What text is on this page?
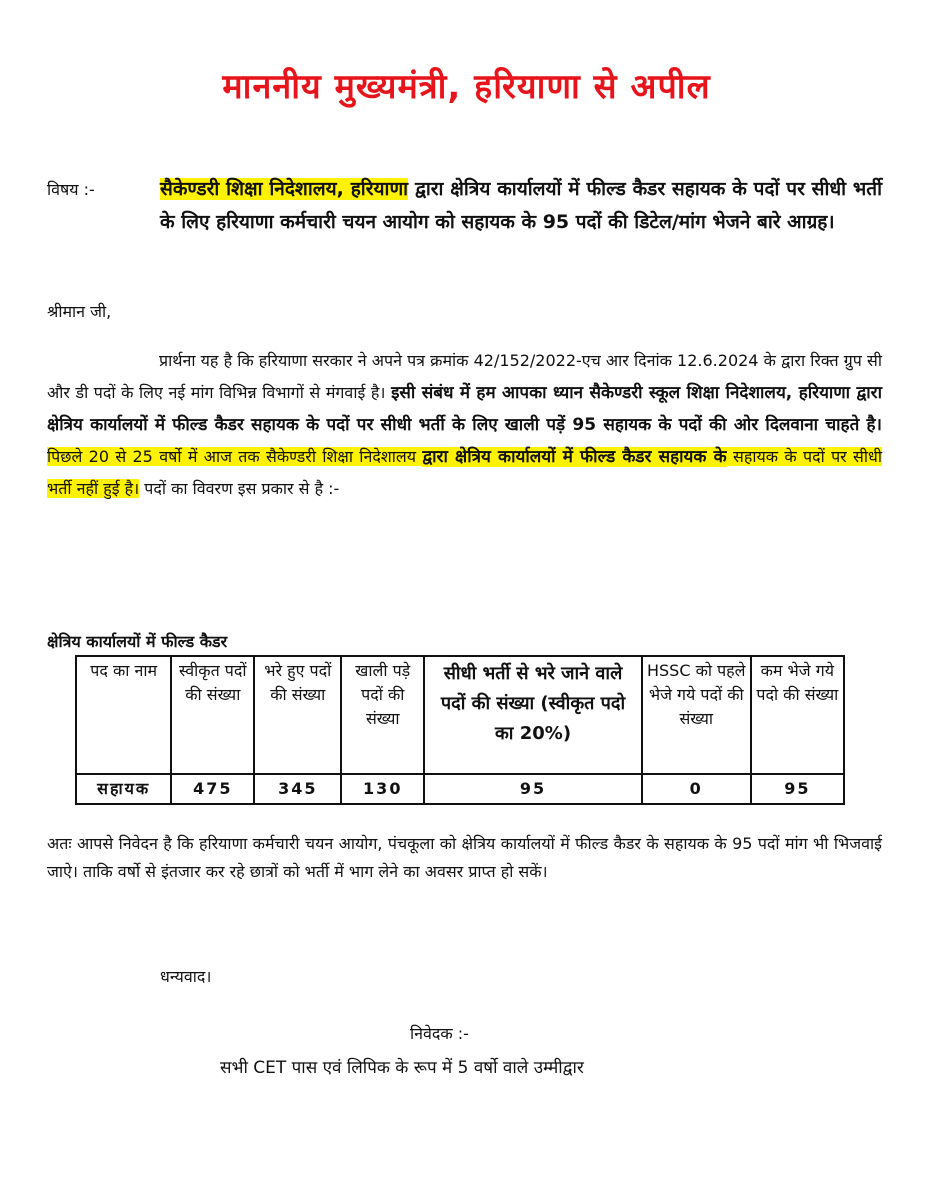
माननीय मुख्यमंत्री, हरियाणा से अपील
विषय :-	सैकेण्डरी शिक्षा निदेशालय, हरियाणा द्वारा क्षेत्रिय कार्यालयों में फील्ड कैडर सहायक के पदों पर सीधी भर्ती के लिए हरियाणा कर्मचारी चयन आयोग को सहायक के 95 पदों की डिटेल/मांग भेजने बारे आग्रह।
श्रीमान जी,
प्रार्थना यह है कि हरियाणा सरकार ने अपने पत्र क्रमांक 42/152/2022-एच आर दिनांक 12.6.2024 के द्वारा रिक्त ग्रुप सी और डी पदों के लिए नई मांग विभिन्न विभागों से मंगवाई है। इसी संबंध में हम आपका ध्यान सैकेण्डरी स्कूल शिक्षा निदेशालय, हरियाणा द्वारा क्षेत्रिय कार्यालयों में फील्ड कैडर सहायक के पदों पर सीधी भर्ती के लिए खाली पड़ें 95 सहायक के पदों की ओर दिलवाना चाहते है। पिछले 20 से 25 वर्षो में आज तक सैकेण्डरी शिक्षा निदेशालय द्वारा क्षेत्रिय कार्यालयों में फील्ड कैडर सहायक के सहायक के पदों पर सीधी भर्ती नहीं हुई है। पदों का विवरण इस प्रकार से है :-
क्षेत्रिय कार्यालयों में फील्ड कैडर
पद का नाम	स्वीकृत पदों की संख्या	भरे हुए पदों की संख्या	खाली पड़े पदों की संख्या	सीधी भर्ती से भरे जाने वाले पदों की संख्या (स्वीकृत पदो का 20%)	HSSC को पहले भेजे गये पदों की संख्या	कम भेजे गये पदो की संख्या
सहायक	475	345	130	95	0	95
अतः आपसे निवेदन है कि हरियाणा कर्मचारी चयन आयोग, पंचकूला को क्षेत्रिय कार्यालयों में फील्ड कैडर के सहायक के 95 पदों मांग भी भिजवाई जाऐ। ताकि वर्षो से इंतजार कर रहे छात्रों को भर्ती में भाग लेने का अवसर प्राप्त हो सकें।
धन्यवाद।
निवेदक :-
सभी CET पास एवं लिपिक के रूप में 5 वर्षो वाले उम्मीद्वार
